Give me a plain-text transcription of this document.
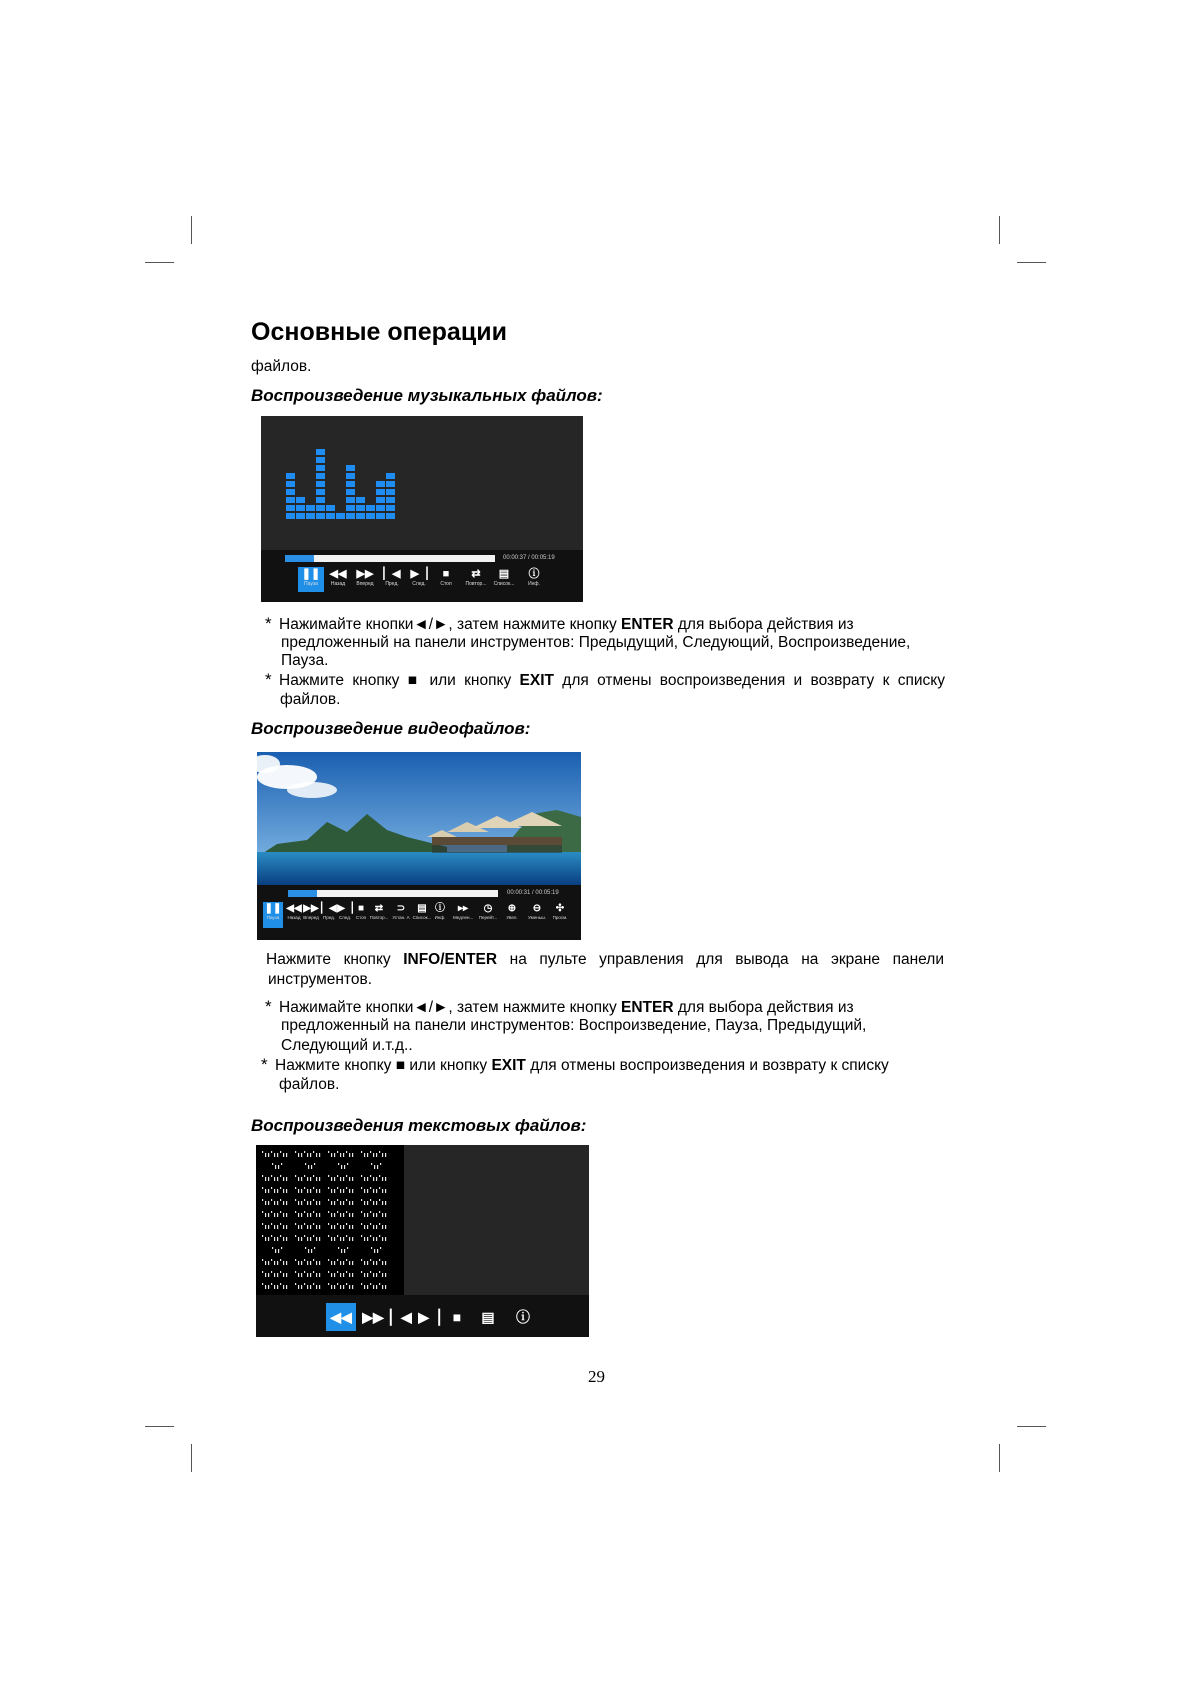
Основные операции
файлов.
Воспроизведение музыкальных файлов:
00:00:37 / 00:05:19
❚❚
Пауза
◀◀
Назад
▶▶
Вперед
▏◀
Пред.
▶▕
След.
■
Стоп
⇄
Повтор...
▤
Список...
ⓘ
Инф.
* Нажимайте кнопки◄/►, затем нажмите кнопку ENTER для выбора действия из
предложенный на панели инструментов: Предыдущий, Следующий, Воспроизведение,
Пауза.
* Нажмите кнопку ■ или кнопку EXIT для отмены воспроизведения и возврату к списку
файлов.
Воспроизведение видеофайлов:
00:00:31 / 00:05:19
❚❚
Пауза
◀◀
Назад
▶▶
Вперед
▏◀
Пред.
▶▕
След.
■
Стоп
⇄
Повтор...
⊃
Устан. А
▤
Список...
ⓘ
Инф.
▸▸
Медлен...
◷
Перейт...
⊕
Увел.
⊖
Уменьш.
✣
Просм.
Нажмите кнопку INFO/ENTER на пульте управления для вывода на экране панели
инструментов.
* Нажимайте кнопки◄/►, затем нажмите кнопку ENTER для выбора действия из
предложенный на панели инструментов: Воспроизведение, Пауза, Предыдущий,
Следующий и.т.д..
* Нажмите кнопку ■ или кнопку EXIT для отмены воспроизведения и возврату к списку
файлов.
Воспроизведения текстовых файлов:
◀◀ ▶▶ ▏◀ ▶▕ ■	▤	ⓘ
29
